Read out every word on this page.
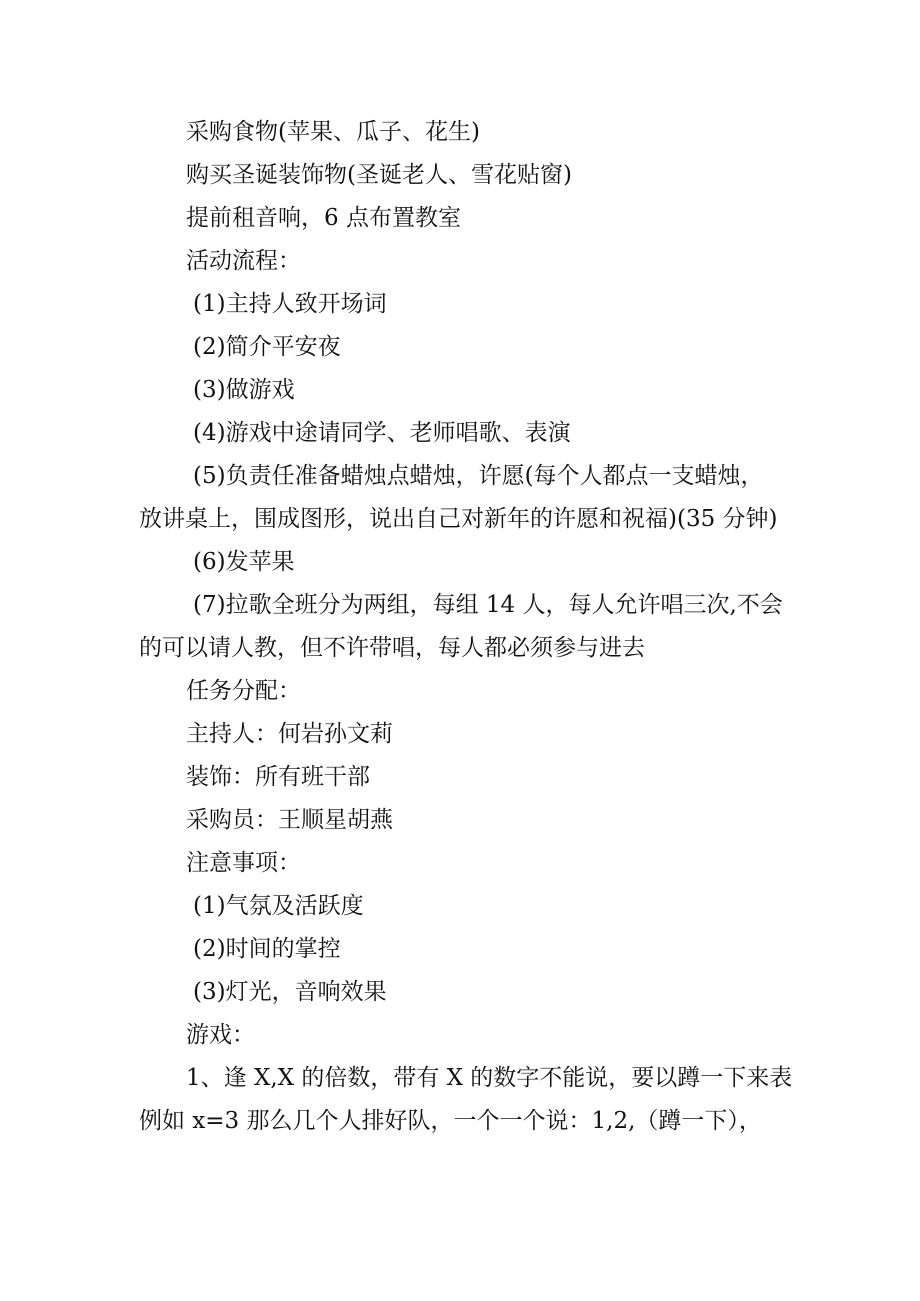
采购食物(苹果、瓜子、花生)
购买圣诞装饰物(圣诞老人、雪花贴窗)
提前租音响，6 点布置教室
活动流程：
(1)主持人致开场词
(2)简介平安夜
(3)做游戏
(4)游戏中途请同学、老师唱歌、表演
(5)负责任准备蜡烛点蜡烛，许愿(每个人都点一支蜡烛，
放讲桌上，围成图形，说出自己对新年的许愿和祝福)(35 分钟)
(6)发苹果
(7)拉歌全班分为两组，每组 14 人，每人允许唱三次,不会
的可以请人教，但不许带唱，每人都必须参与进去
任务分配：
主持人：何岩孙文莉
装饰：所有班干部
采购员：王顺星胡燕
注意事项：
(1)气氛及活跃度
(2)时间的掌控
(3)灯光，音响效果
游戏：
1、逢 X,X 的倍数，带有 X 的数字不能说，要以蹲一下来表
例如 x=3 那么几个人排好队，一个一个说：1,2,（蹲一下），
